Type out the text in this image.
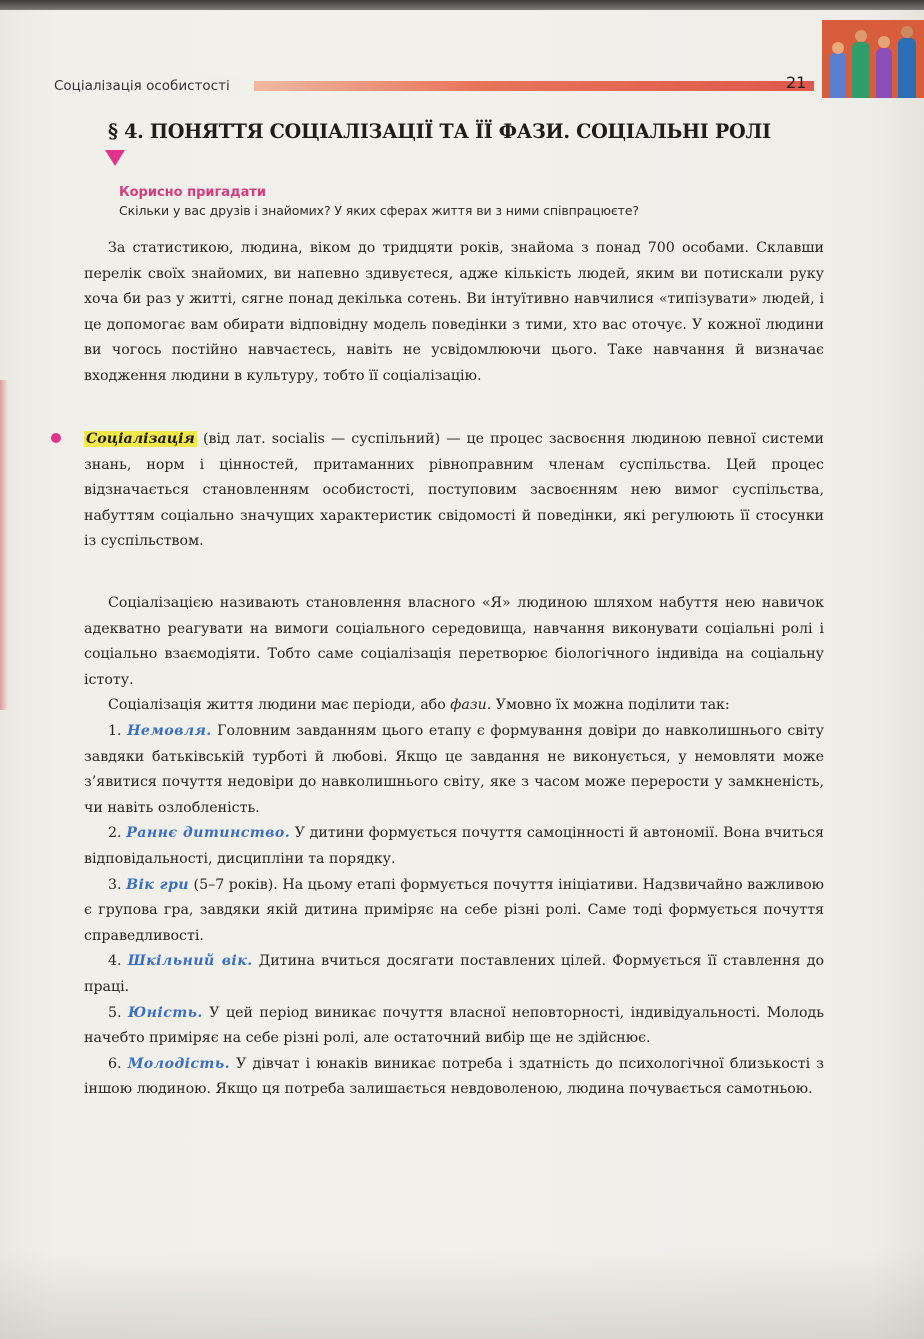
Соціалізація особистості	21
§ 4. ПОНЯТТЯ СОЦІАЛІЗАЦІЇ ТА ЇЇ ФАЗИ. СОЦІАЛЬНІ РОЛІ
Корисно пригадати
Скільки у вас друзів і знайомих? У яких сферах життя ви з ними співпрацюєте?

За статистикою, людина, віком до тридцяти років, знайома з понад 700 особами. Склавши перелік своїх знайомих, ви напевно здивуєтеся, адже кількість людей, яким ви потискали руку хоча би раз у житті, сягне понад декілька сотень. Ви інтуїтивно навчилися «типізувати» людей, і це допомогає вам обирати відповідну модель поведінки з тими, хто вас оточує. У кожної людини ви чогось постійно навчаєтесь, навіть не усвідомлюючи цього. Таке навчання й визначає входження людини в культуру, тобто її соціалізацію.

Соціалізація (від лат. socialis — суспільний) — це процес засвоєння людиною певної системи знань, норм і цінностей, притаманних рівноправним членам суспільства. Цей процес відзначається становленням особистості, поступовим засвоєнням нею вимог суспільства, набуттям соціально значущих характеристик свідомості й поведінки, які регулюють її стосунки із суспільством.

Соціалізацією називають становлення власного «Я» людиною шляхом набуття нею навичок адекватно реагувати на вимоги соціального середовища, навчання виконувати соціальні ролі і соціально взаємодіяти. Тобто саме соціалізація перетворює біологічного індивіда на соціальну істоту.

Соціалізація життя людини має періоди, або фази. Умовно їх можна поділити так:

1. Немовля. Головним завданням цього етапу є формування довіри до навколишнього світу завдяки батьківській турботі й любові. Якщо це завдання не виконується, у немовляти може з’явитися почуття недовіри до навколишнього світу, яке з часом може перерости у замкненість, чи навіть озлобленість.

2. Раннє дитинство. У дитини формується почуття самоцінності й автономії. Вона вчиться відповідальності, дисципліни та порядку.

3. Вік гри (5–7 років). На цьому етапі формується почуття ініціативи. Надзвичайно важливою є групова гра, завдяки якій дитина приміряє на себе різні ролі. Саме тоді формується почуття справедливості.

4. Шкільний вік. Дитина вчиться досягати поставлених цілей. Формується її ставлення до праці.

5. Юність. У цей період виникає почуття власної неповторності, індивідуальності. Молодь начебто приміряє на себе різні ролі, але остаточний вибір ще не здійснює.

6. Молодість. У дівчат і юнаків виникає потреба і здатність до психологічної близькості з іншою людиною. Якщо ця потреба залишається невдоволеною, людина почувається самотньою.
